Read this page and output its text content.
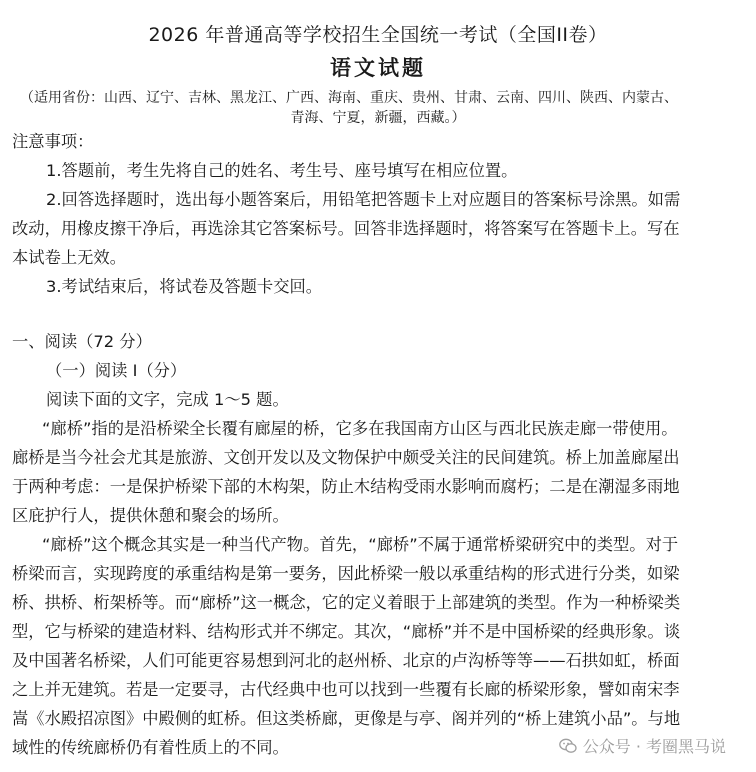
2026 年普通高等学校招生全国统一考试（全国II卷）
语文试题
（适用省份：山西、辽宁、吉林、黑龙江、广西、海南、重庆、贵州、甘肃、云南、四川、陕西、内蒙古、
青海、宁夏，新疆，西藏。）
注意事项：
1.答题前，考生先将自己的姓名、考生号、座号填写在相应位置。
2.回答选择题时，选出每小题答案后，用铅笔把答题卡上对应题目的答案标号涂黑。如需
改动，用橡皮擦干净后，再选涂其它答案标号。回答非选择题时，将答案写在答题卡上。写在
本试卷上无效。
3.考试结束后，将试卷及答题卡交回。
一、阅读（72 分）
（一）阅读 I（分）
阅读下面的文字，完成 1～5 题。
“廊桥”指的是沿桥梁全长覆有廊屋的桥，它多在我国南方山区与西北民族走廊一带使用。
廊桥是当今社会尤其是旅游、文创开发以及文物保护中颇受关注的民间建筑。桥上加盖廊屋出
于两种考虑：一是保护桥梁下部的木构架，防止木结构受雨水影响而腐朽；二是在潮湿多雨地
区庇护行人，提供休憩和聚会的场所。
“廊桥”这个概念其实是一种当代产物。首先，“廊桥”不属于通常桥梁研究中的类型。对于
桥梁而言，实现跨度的承重结构是第一要务，因此桥梁一般以承重结构的形式进行分类，如梁
桥、拱桥、桁架桥等。而“廊桥”这一概念，它的定义着眼于上部建筑的类型。作为一种桥梁类
型，它与桥梁的建造材料、结构形式并不绑定。其次，“廊桥”并不是中国桥梁的经典形象。谈
及中国著名桥梁，人们可能更容易想到河北的赵州桥、北京的卢沟桥等等——石拱如虹，桥面
之上并无建筑。若是一定要寻，古代经典中也可以找到一些覆有长廊的桥梁形象，譬如南宋李
嵩《水殿招凉图》中殿侧的虹桥。但这类桥廊，更像是与亭、阁并列的“桥上建筑小品”。与地
域性的传统廊桥仍有着性质上的不同。	公众号 · 考圈黑马说
